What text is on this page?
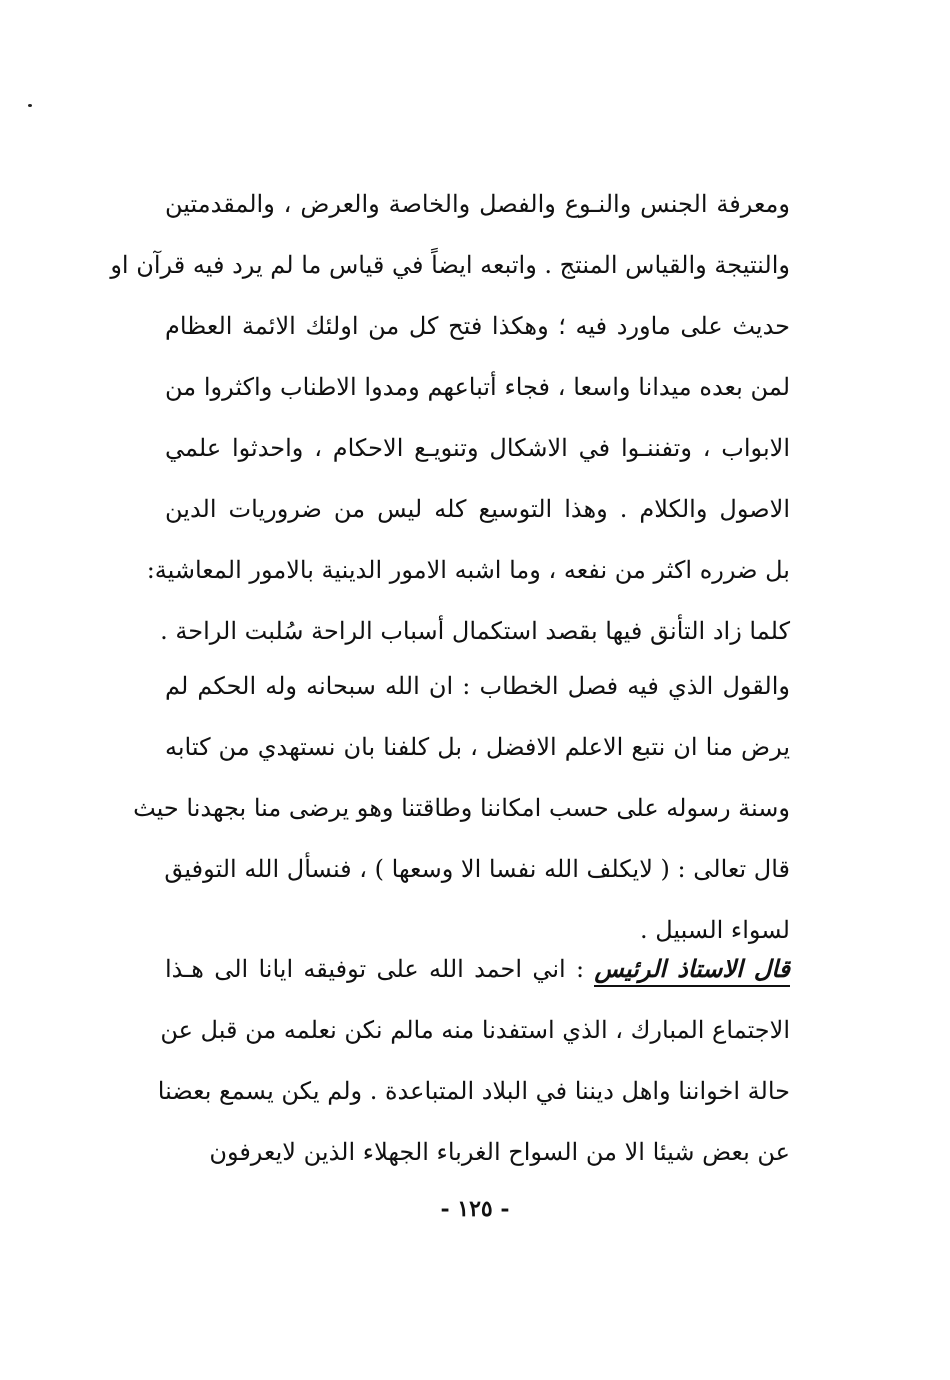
ومعرفة الجنس والنـوع والفصل والخاصة والعرض ، والمقدمتين
والنتيجة والقياس المنتج . واتبعه ايضاً في قياس ما لم يرد فيه قرآن او
حديث على ماورد فيه ؛ وهكذا فتح كل من اولئك الائمة العظام
لمن بعده ميدانا واسعا ، فجاء أتباعهم ومدوا الاطناب واكثروا من
الابواب ، وتفننـوا في الاشكال وتنويـع الاحكام ، واحدثوا علمي
الاصول والكلام . وهذا التوسيع كله ليس من ضروريات الدين
بل ضرره اكثر من نفعه ، وما اشبه الامور الدينية بالامور المعاشية:
كلما زاد التأنق فيها بقصد استكمال أسباب الراحة سُلبت الراحة .
والقول الذي فيه فصل الخطاب : ان الله سبحانه وله الحكم لم
يرض منا ان نتبع الاعلم الافضل ، بل كلفنا بان نستهدي من كتابه
وسنة رسوله على حسب امكاننا وطاقتنا وهو يرضى منا بجهدنا حيث
قال تعالى : ( لايكلف الله نفسا الا وسعها ) ، فنسأل الله التوفيق
لسواء السبيل .
قال الاستاذ الرئيس : اني احمد الله على توفيقه ايانا الى هـذا
الاجتماع المبارك ، الذي استفدنا منه مالم نكن نعلمه من قبل عن
حالة اخواننا واهل ديننا في البلاد المتباعدة . ولم يكن يسمع بعضنا
عن بعض شيئا الا من السواح الغرباء الجهلاء الذين لايعرفون
- ١٢٥ -
